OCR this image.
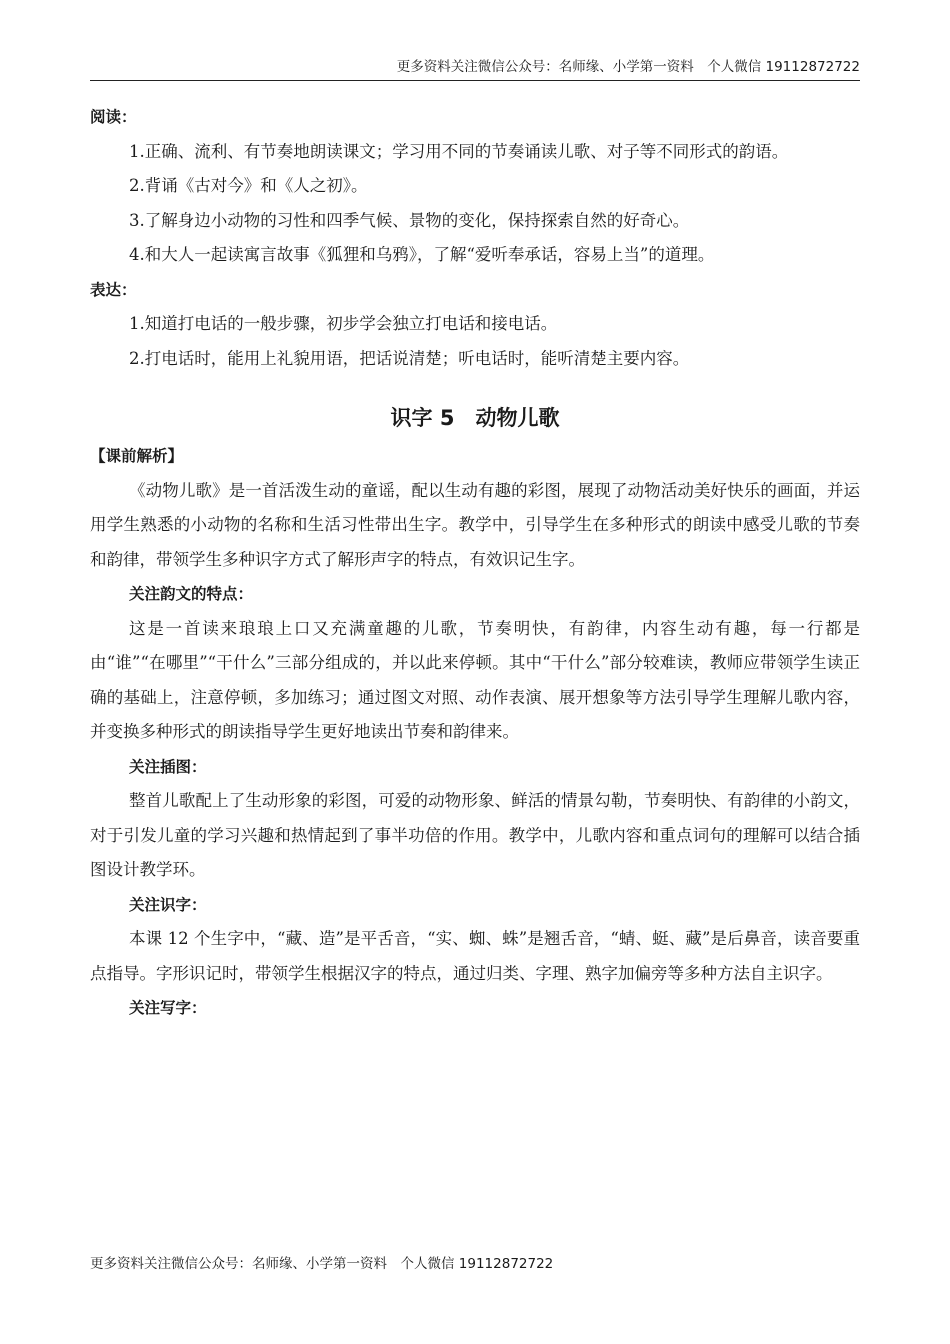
更多资料关注微信公众号：名师缘、小学第一资料　个人微信 19112872722

阅读：

1.正确、流利、有节奏地朗读课文；学习用不同的节奏诵读儿歌、对子等不同形式的韵语。

2.背诵《古对今》和《人之初》。

3.了解身边小动物的习性和四季气候、景物的变化，保持探索自然的好奇心。

4.和大人一起读寓言故事《狐狸和乌鸦》，了解“爱听奉承话，容易上当”的道理。

表达：

1.知道打电话的一般步骤，初步学会独立打电话和接电话。

2.打电话时，能用上礼貌用语，把话说清楚；听电话时，能听清楚主要内容。

识字 5　动物儿歌

【课前解析】

《动物儿歌》是一首活泼生动的童谣，配以生动有趣的彩图，展现了动物活动美好快乐的画面，并运用学生熟悉的小动物的名称和生活习性带出生字。教学中，引导学生在多种形式的朗读中感受儿歌的节奏和韵律，带领学生多种识字方式了解形声字的特点，有效识记生字。

关注韵文的特点：

这是一首读来琅琅上口又充满童趣的儿歌，节奏明快，有韵律，内容生动有趣，每一行都是由“谁”“在哪里”“干什么”三部分组成的，并以此来停顿。其中“干什么”部分较难读，教师应带领学生读正确的基础上，注意停顿，多加练习；通过图文对照、动作表演、展开想象等方法引导学生理解儿歌内容，并变换多种形式的朗读指导学生更好地读出节奏和韵律来。

关注插图：

整首儿歌配上了生动形象的彩图，可爱的动物形象、鲜活的情景勾勒，节奏明快、有韵律的小韵文，对于引发儿童的学习兴趣和热情起到了事半功倍的作用。教学中，儿歌内容和重点词句的理解可以结合插图设计教学环。

关注识字：

本课 12 个生字中，“藏、造”是平舌音，“实、蜘、蛛”是翘舌音，“蜻、蜓、藏”是后鼻音，读音要重点指导。字形识记时，带领学生根据汉字的特点，通过归类、字理、熟字加偏旁等多种方法自主识字。

关注写字：

更多资料关注微信公众号：名师缘、小学第一资料　个人微信 19112872722
